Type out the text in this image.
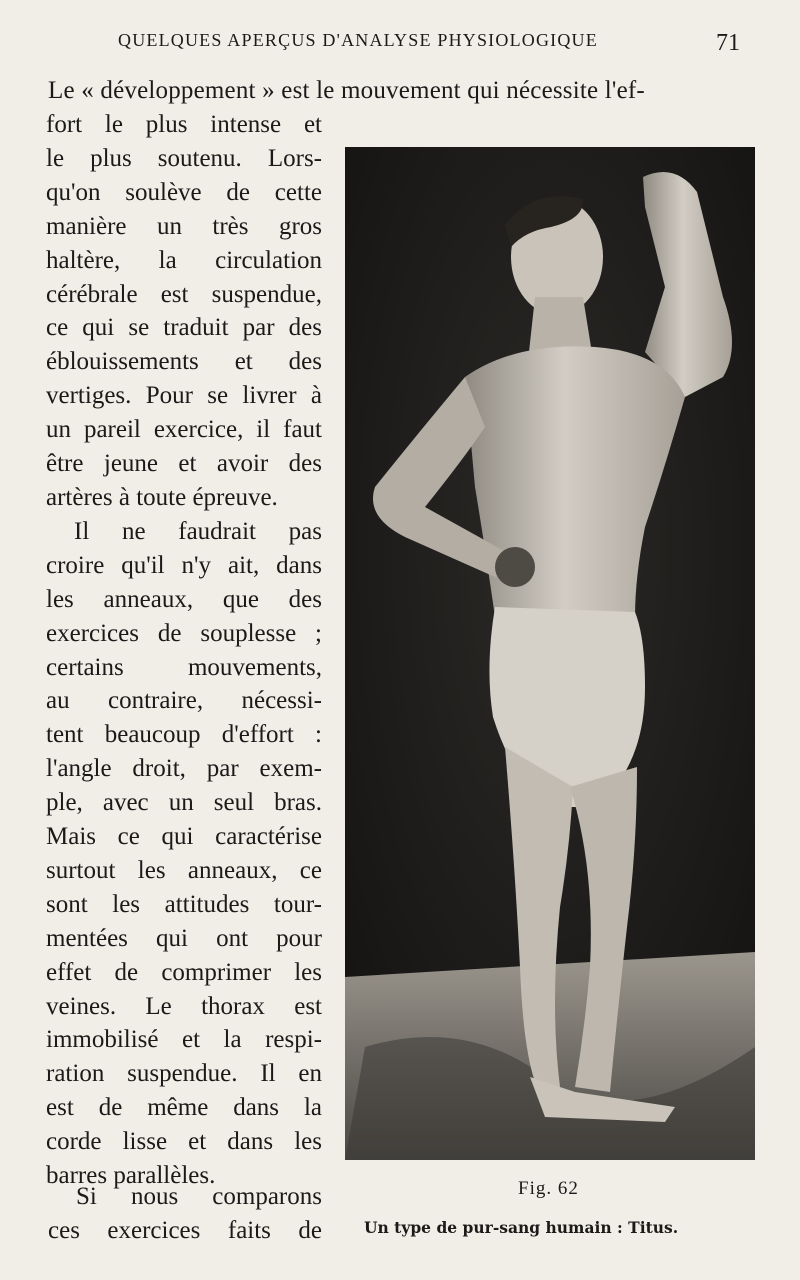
QUELQUES APERÇUS D'ANALYSE PHYSIOLOGIQUE	71
Le « développement » est le mouvement qui nécessite l'ef-
fort le plus intense et
le plus soutenu. Lors-
qu'on soulève de cette
manière un très gros
haltère, la circulation
cérébrale est suspendue,
ce qui se traduit par des
éblouissements et des
vertiges. Pour se livrer à
un pareil exercice, il faut
être jeune et avoir des
artères à toute épreuve.
Il ne faudrait pas
croire qu'il n'y ait, dans
les anneaux, que des
exercices de souplesse ;
certains mouvements,
au contraire, nécessi-
tent beaucoup d'effort :
l'angle droit, par exem-
ple, avec un seul bras.
Mais ce qui caractérise
surtout les anneaux, ce
sont les attitudes tour-
mentées qui ont pour
effet de comprimer les
veines. Le thorax est
immobilisé et la respi-
ration suspendue. Il en
est de même dans la
corde lisse et dans les
barres parallèles.	Fig. 62
Un type de pur-sang humain : Titus.
Si nous comparons
ces exercices faits de
